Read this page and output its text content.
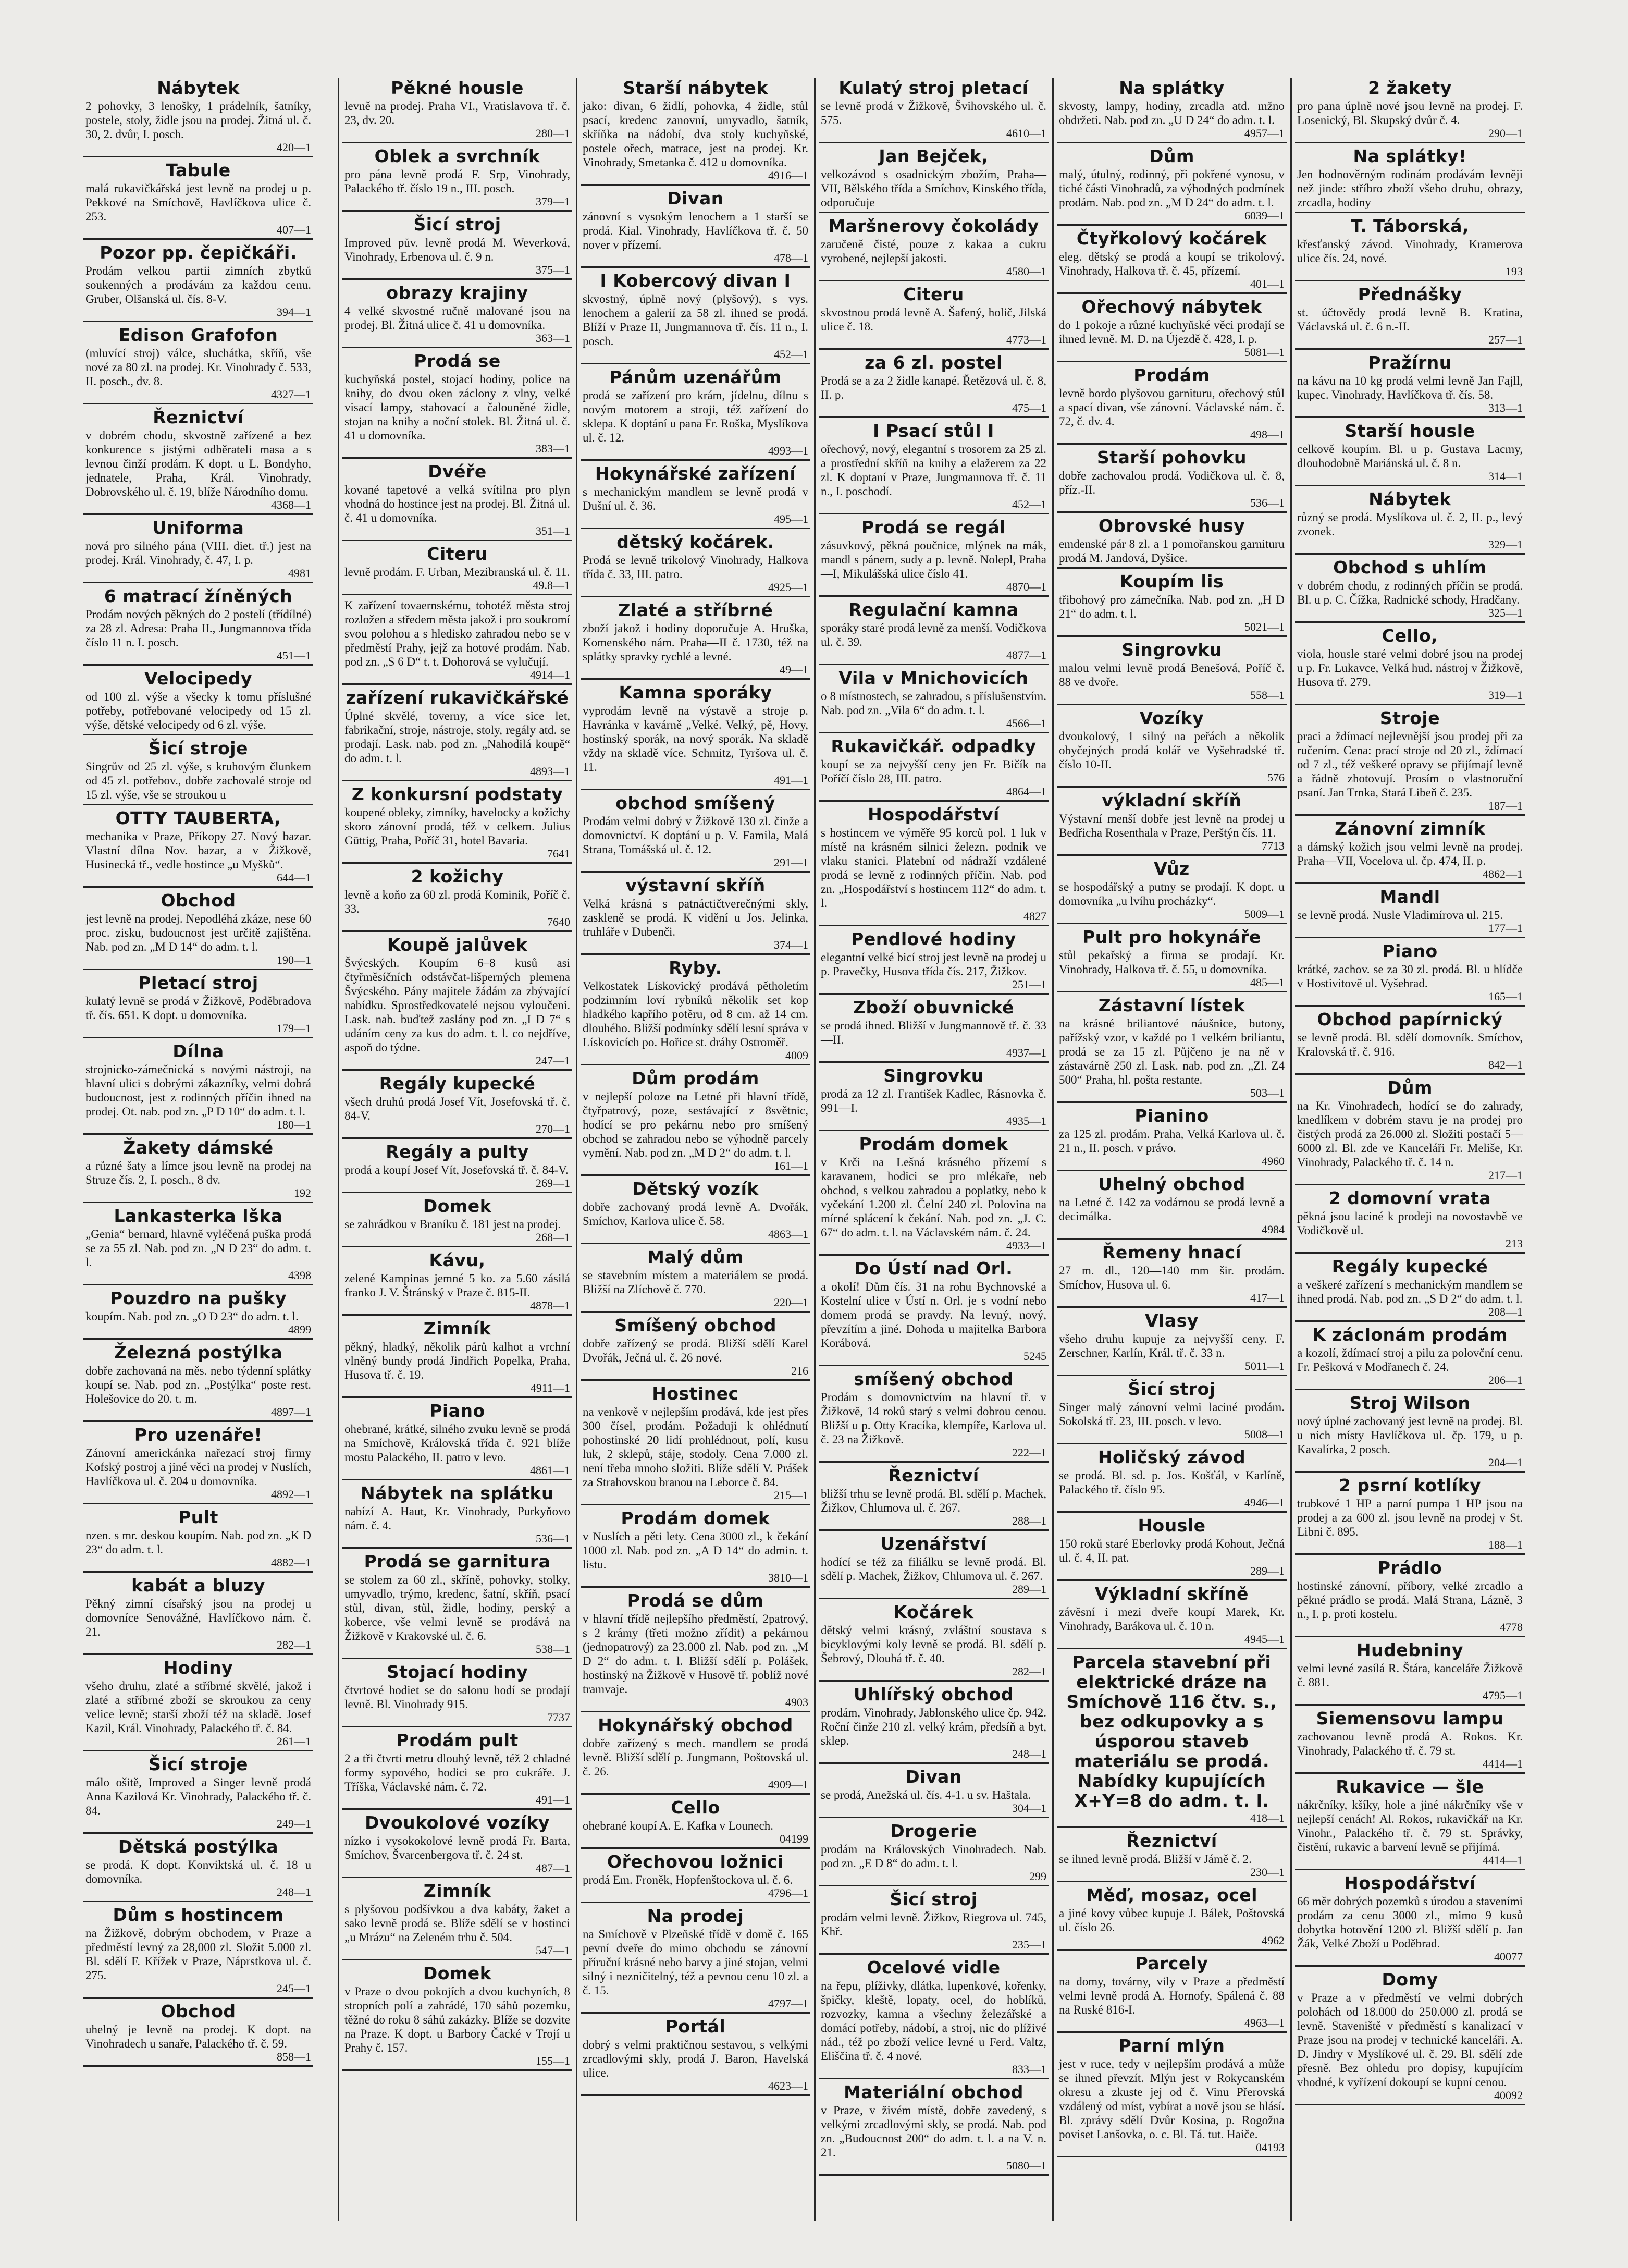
Nábytek

2 pohovky, 3 lenošky, 1 prádelník, šatníky, postele, stoly, židle jsou na prodej. Žitná ul. č. 30, 2. dvůr, I. posch.

420—1
Tabule

malá rukavičkářská jest levně na prodej u p. Pekkové na Smíchově, Havlíčkova ulice č. 253.

407—1
Pozor pp. čepičkáři.

Prodám velkou partii zimních zbytků soukenných a prodávám za každou cenu. Gruber, Olšanská ul. čís. 8-V.

394—1
Edison Grafofon

(mluvící stroj) válce, sluchátka, skříň, vše nové za 80 zl. na prodej. Kr. Vinohrady č. 533, II. posch., dv. 8.

4327—1
Řeznictví

v dobrém chodu, skvostně zařízené a bez konkurence s jistými odběrateli masa a s levnou činží prodám. K dopt. u L. Bondyho, jednatele, Praha, Král. Vinohrady, Dobrovského ul. č. 19, blíže Národního domu.

4368—1
Uniforma

nová pro silného pána (VIII. diet. tř.) jest na prodej. Král. Vinohrady, č. 47, I. p.

4981
6 matrací žíněných

Prodám nových pěkných do 2 postelí (třídílné) za 28 zl. Adresa: Praha II., Jungmannova třída číslo 11 n. I. posch.

451—1
Velocipedy

od 100 zl. výše a všecky k tomu příslušné potřeby, potřebované velocipedy od 15 zl. výše, dětské velocipedy od 6 zl. výše.

Šicí stroje

Singrův od 25 zl. výše, s kruhovým člunkem od 45 zl. potřebov., dobře zachovalé stroje od 15 zl. výše, vše se stroukou u

OTTY TAUBERTA,

mechanika v Praze, Příkopy 27. Nový bazar. Vlastní dílna Nov. bazar, a v Žižkově, Husinecká tř., vedle hostince „u Myšků“.

644—1
Obchod

jest levně na prodej. Nepodléhá zkáze, nese 60 proc. zisku, budoucnost jest určitě zajištěna. Nab. pod zn. „M D 14“ do adm. t. l.

190—1
Pletací stroj

kulatý levně se prodá v Žižkově, Poděbradova tř. čís. 651. K dopt. u domovníka.

179—1
Dílna

strojnicko-zámečnická s novými nástroji, na hlavní ulici s dobrými zákazníky, velmi dobrá budoucnost, jest z rodinných příčin ihned na prodej. Ot. nab. pod zn. „P D 10“ do adm. t. l.

180—1
Žakety dámské

a různé šaty a límce jsou levně na prodej na Struze čís. 2, I. posch., 8 dv.

192
Lankasterka lška

„Genia“ bernard, hlavně vyléčená puška prodá se za 55 zl. Nab. pod zn. „N D 23“ do adm. t. l.

4398
Pouzdro na pušky

koupím. Nab. pod zn. „O D 23“ do adm. t. l.

4899
Železná postýlka

dobře zachovaná na měs. nebo týdenní splátky koupí se. Nab. pod zn. „Postýlka“ poste rest. Holešovice do 20. t. m.

4897—1
Pro uzenáře!

Zánovní americkánka nařezací stroj firmy Kofský postroj a jiné věci na prodej v Nuslích, Havlíčkova ul. č. 204 u domovníka.

4892—1
Pult

nzen. s mr. deskou koupím. Nab. pod zn. „K D 23“ do adm. t. l.

4882—1
kabát a bluzy

Pěkný zimní císařský jsou na prodej u domovníce Senovážné, Havlíčkovo nám. č. 21.

282—1
Hodiny

všeho druhu, zlaté a stříbrné skvělé, jakož i zlaté a stříbrné zboží se skroukou za ceny velice levně; starší zboží též na skladě. Josef Kazil, Král. Vinohrady, Palackého tř. č. 84.

261—1
Šicí stroje

málo ošitě, Improved a Singer levně prodá Anna Kazilová Kr. Vinohrady, Palackého tř. č. 84.

249—1
Dětská postýlka

se prodá. K dopt. Konviktská ul. č. 18 u domovníka.

248—1
Dům s hostincem

na Žižkově, dobrým obchodem, v Praze a předměstí levný za 28,000 zl. Složit 5.000 zl. Bl. sdělí F. Křížek v Praze, Náprstkova ul. č. 275.

245—1
Obchod

uhelný je levně na prodej. K dopt. na Vinohradech u sanaře, Palackého tř. č. 59.

858—1
Pěkné housle

levně na prodej. Praha VI., Vratislavova tř. č. 23, dv. 20.

280—1
Oblek a svrchník

pro pána levně prodá F. Srp, Vinohrady, Palackého tř. číslo 19 n., III. posch.

379—1
Šicí stroj

Improved pův. levně prodá M. Weverková, Vinohrady, Erbenova ul. č. 9 n.

375—1
obrazy krajiny

4 velké skvostné ručně malované jsou na prodej. Bl. Žitná ulice č. 41 u domovníka.

363—1
Prodá se

kuchyňská postel, stojací hodiny, police na knihy, do dvou oken záclony z vlny, velké visací lampy, stahovací a čalouněné židle, stojan na knihy a noční stolek. Bl. Žitná ul. č. 41 u domovníka.

383—1
Dvéře

kované tapetové a velká svítilna pro plyn vhodná do hostince jest na prodej. Bl. Žitná ul. č. 41 u domovníka.

351—1
Citeru

levně prodám. F. Urban, Mezibranská ul. č. 11.

49.8—1

K zařízení tovaernskému, tohotéž města stroj rozložen a středem města jakož i pro soukromí svou polohou a s hledisko zahradou nebo se v předměstí Prahy, jejž za hotové prodám. Nab. pod zn. „S 6 D“ t. t. Dohorová se vylučují.

4914—1
zařízení rukavičkářské

Úplné skvělé, toverny, a více sice let, fabrikační, stroje, nástroje, stoly, regály atd. se prodají. Lask. nab. pod zn. „Nahodilá koupě“ do adm. t. l.

4893—1
Z konkursní podstaty

koupené obleky, zimníky, havelocky a kožichy skoro zánovní prodá, též v celkem. Julius Güttig, Praha, Poříč 31, hotel Bavaria.

7641
2 kožichy

levně a koňo za 60 zl. prodá Kominik, Poříč č. 33.

7640
Koupě jalůvek

Švýcských. Koupím 6–8 kusů asi čtyřměsíčních odstávčat-lišperných plemena Švýcského. Pány majitele žádám za zbývající nabídku. Sprostředkovatelé nejsou vyloučeni. Lask. nab. buďtež zaslány pod zn. „I D 7“ s udáním ceny za kus do adm. t. l. co nejdříve, aspoň do týdne.

247—1
Regály kupecké

všech druhů prodá Josef Vít, Josefovská tř. č. 84-V.

270—1
Regály a pulty

prodá a koupí Josef Vít, Josefovská tř. č. 84-V.

269—1
Domek

se zahrádkou v Braníku č. 181 jest na prodej.

268—1
Kávu,

zelené Kampinas jemné 5 ko. za 5.60 zásilá franko J. V. Štránský v Praze č. 815-II.

4878—1
Zimník

pěkný, hladký, několik párů kalhot a vrchní vlněný bundy prodá Jindřich Popelka, Praha, Husova tř. č. 19.

4911—1
Piano

ohebrané, krátké, silného zvuku levně se prodá na Smíchově, Královská třída č. 921 blíže mostu Palackého, II. patro v levo.

4861—1
Nábytek na splátku

nabízí A. Haut, Kr. Vinohrady, Purkyňovo nám. č. 4.

536—1
Prodá se garnitura

se stolem za 60 zl., skříně, pohovky, stolky, umyvadlo, trýmo, kredenc, šatní, skříň, psací stůl, divan, stůl, židle, hodiny, perský a koberce, vše velmi levně se prodává na Žižkově v Krakovské ul. č. 6.

538—1
Stojací hodiny

čtvrtové hodiet se do salonu hodí se prodají levně. Bl. Vinohrady 915.

7737
Prodám pult

2 a tři čtvrti metru dlouhý levně, též 2 chladné formy sypového, hodici se pro cukráře. J. Tříška, Václavské nám. č. 72.

491—1
Dvoukolové vozíky

nízko i vysokokolové levně prodá Fr. Barta, Smíchov, Švarcenbergova tř. č. 24 st.

487—1
Zimník

s plyšovou podšívkou a dva kabáty, žaket a sako levně prodá se. Blíže sdělí se v hostinci „u Mrázu“ na Zeleném trhu č. 504.

547—1
Domek

v Praze o dvou pokojích a dvou kuchyních, 8 stropních polí a zahrádé, 170 sáhů pozemku, těžné do roku 8 sáhů zakázky. Blíže se dozvite na Praze. K dopt. u Barbory Čacké v Trojí u Prahy č. 157.

155—1
Starší nábytek

jako: divan, 6 židlí, pohovka, 4 židle, stůl psací, kredenc zanovní, umyvadlo, šatník, skříňka na nádobí, dva stoly kuchyňské, postele ořech, matrace, jest na prodej. Kr. Vinohrady, Smetanka č. 412 u domovníka.

4916—1
Divan

zánovní s vysokým lenochem a 1 starší se prodá. Kial. Vinohrady, Havlíčkova tř. č. 50 nover v přízemí.

478—1
I Kobercový divan I

skvostný, úplně nový (plyšový), s vys. lenochem a galerií za 58 zl. ihned se prodá. Blíží v Praze II, Jungmannova tř. čís. 11 n., I. posch.

452—1
Pánům uzenářům

prodá se zařízení pro krám, jídelnu, dílnu s novým motorem a stroji, též zařízení do sklepa. K doptání u pana Fr. Roška, Myslíkova ul. č. 12.

4993—1
Hokynářské zařízení

s mechanickým mandlem se levně prodá v Dušní ul. č. 36.

495—1
dětský kočárek.

Prodá se levně trikolový Vinohrady, Halkova třída č. 33, III. patro.

4925—1
Zlaté a stříbrné

zboží jakož i hodiny doporučuje A. Hruška, Komenského nám. Praha—II č. 1730, též na splátky spravky rychlé a levné.

49—1
Kamna sporáky

vyprodám levně na výstavě a stroje p. Havránka v kavárně „Velké. Velký, pě, Hovy, hostinský sporák, na nový sporák. Na skladě vždy na skladě více. Schmitz, Tyršova ul. č. 11.

491—1
obchod smíšený

Prodám velmi dobrý v Žižkově 130 zl. činže a domovnictví. K doptání u p. V. Famila, Malá Strana, Tomášská ul. č. 12.

291—1
výstavní skříň

Velká krásná s patnáctičtverečnými skly, zaskleně se prodá. K vidění u Jos. Jelinka, truhláře v Dubenči.

374—1
Ryby.

Velkostatek Lískovický prodává pětholetím podzimním loví rybníků několik set kop hladkého kapřího potěru, od 8 cm. až 14 cm. dlouhého. Bližší podmínky sdělí lesní správa v Lískovicích po. Hořice st. dráhy Ostroměř.

4009
Dům prodám

v nejlepší poloze na Letné při hlavní třídě, čtyřpatrový, poze, sestávající z 8světnic, hodící se pro pekárnu nebo pro smíšený obchod se zahradou nebo se výhodně parcely vymění. Nab. pod zn. „M D 2“ do adm. t. l.

161—1
Dětský vozík

dobře zachovaný prodá levně A. Dvořák, Smíchov, Karlova ulice č. 58.

4863—1
Malý dům

se stavebním místem a materiálem se prodá. Bližší na Zlíchově č. 770.

220—1
Smíšený obchod

dobře zařízený se prodá. Bližší sdělí Karel Dvořák, Ječná ul. č. 26 nové.

216
Hostinec

na venkově v nejlepším prodává, kde jest přes 300 čísel, prodám. Požaduji k ohlédnutí pohostinské 20 lidí prohlédnout, polí, kusu luk, 2 sklepů, stáje, stodoly. Cena 7.000 zl. není třeba mnoho složiti. Blíže sdělí V. Prášek za Strahovskou branou na Leborce č. 84.

215—1
Prodám domek

v Nuslích a pěti lety. Cena 3000 zl., k čekání 1000 zl. Nab. pod zn. „A D 14“ do admin. t. listu.

3810—1
Prodá se dům

v hlavní třídě nejlepšího předměstí, 2patrový, s 2 krámy (třeti možno zřídit) a pekárnou (jednopatrový) za 23.000 zl. Nab. pod zn. „M D 2“ do adm. t. l. Bližší sdělí p. Polášek, hostinský na Žižkově v Husově tř. poblíž nové tramvaje.

4903
Hokynářský obchod

dobře zařízený s mech. mandlem se prodá levně. Bližší sdělí p. Jungmann, Poštovská ul. č. 26.

4909—1
Cello

ohebrané koupí A. E. Kafka v Lounech.

04199
Ořechovou ložnici

prodá Em. Froněk, Hopfenštockova ul. č. 6.

4796—1
Na prodej

na Smíchově v Plzeňské třídě v domě č. 165 pevní dveře do mimo obchodu se zánovní příruční krásné nebo barvy a jiné stojan, velmi silný i nezničitelný, též a pevnou cenu 10 zl. a č. 15.

4797—1
Portál

dobrý s velmi praktičnou sestavou, s velkými zrcadlovými skly, prodá J. Baron, Havelská ulice.

4623—1
Kulatý stroj pletací

se levně prodá v Žižkově, Švihovského ul. č. 575.

4610—1
Jan Bejček,

velkozávod s osadnickým zbožím, Praha—VII, Bělského třída a Smíchov, Kinského třída, odporučuje

Maršnerovy čokolády

zaručeně čisté, pouze z kakaa a cukru vyrobené, nejlepší jakosti.

4580—1
Citeru

skvostnou prodá levně A. Šafený, holič, Jilská ulice č. 18.

4773—1
za 6 zl. postel

Prodá se a za 2 židle kanapé. Řetězová ul. č. 8, II. p.

475—1
I Psací stůl I

ořechový, nový, elegantní s trosorem za 25 zl. a prostřední skříň na knihy a elažerem za 22 zl. K doptaní v Praze, Jungmannova tř. č. 11 n., I. poschodí.

452—1
Prodá se regál

zásuvkový, pěkná poučnice, mlýnek na mák, mandl s pánem, sudy a p. levně. Nolepl, Praha—I, Mikulášská ulice číslo 41.

4870—1
Regulační kamna

sporáky staré prodá levně za menší. Vodičkova ul. č. 39.

4877—1
Vila v Mnichovicích

o 8 místnostech, se zahradou, s příslušenstvím. Nab. pod zn. „Vila 6“ do adm. t. l.

4566—1
Rukavičkář. odpadky

koupí se za nejvyšší ceny jen Fr. Bičík na Poříčí číslo 28, III. patro.

4864—1
Hospodářství

s hostincem ve výměře 95 korců pol. 1 luk v místě na krásném silnici železn. podnik ve vlaku stanici. Platební od nádraží vzdálené prodá se levně z rodinných příčin. Nab. pod zn. „Hospodářství s hostincem 112“ do adm. t. l.

4827
Pendlové hodiny

elegantní velké bicí stroj jest levně na prodej u p. Pravečky, Husova třída čís. 217, Žižkov.

251—1
Zboží obuvnické

se prodá ihned. Bližší v Jungmannově tř. č. 33—II.

4937—1
Singrovku

prodá za 12 zl. František Kadlec, Rásnovka č. 991—I.

4935—1
Prodám domek

v Krči na Lešná krásného přízemí s karavanem, hodici se pro mlékaře, neb obchod, s velkou zahradou a poplatky, nebo k vyčekání 1.200 zl. Čelní 240 zl. Polovina na mírné splácení k čekání. Nab. pod zn. „J. C. 67“ do adm. t. l. na Václavském nám. č. 24.

4933—1
Do Ústí nad Orl.

a okolí! Dům čís. 31 na rohu Bychnovské a Kostelní ulice v Ústí n. Orl. je s vodní nebo domem prodá se pravdy. Na levný, nový, převzítím a jiné. Dohoda u majitelka Barbora Korábová.

5245
smíšený obchod

Prodám s domovnictvím na hlavní tř. v Žižkově, 14 roků starý s velmi dobrou cenou. Bližší u p. Otty Kracíka, klempíře, Karlova ul. č. 23 na Žižkově.

222—1
Řeznictví

bližší trhu se levně prodá. Bl. sdělí p. Machek, Žižkov, Chlumova ul. č. 267.

288—1
Uzenářství

hodící se též za filiálku se levně prodá. Bl. sdělí p. Machek, Žižkov, Chlumova ul. č. 267.

289—1
Kočárek

dětský velmi krásný, zvláštní soustava s bicyklovými koly levně se prodá. Bl. sdělí p. Šebrový, Dlouhá tř. č. 40.

282—1
Uhlířský obchod

prodám, Vinohrady, Jablonského ulice čp. 942. Roční činže 210 zl. velký krám, předsíň a byt, sklep.

248—1
Divan

se prodá, Anežská ul. čís. 4-1. u sv. Haštala.

304—1
Drogerie

prodám na Královských Vinohradech. Nab. pod zn. „E D 8“ do adm. t. l.

299
Šicí stroj

prodám velmi levně. Žižkov, Riegrova ul. 745, Khř.

235—1
Ocelové vidle

na řepu, plíživky, dlátka, lupenkové, kořenky, špičky, kleště, lopaty, ocel, do hoblíků, rozvozky, kamna a všechny železářské a domácí potřeby, nádobí, a stroj, nic do plíživé nád., též po zboží velice levné u Ferd. Valtz, Eliščina tř. č. 4 nové.

833—1
Materiální obchod

v Praze, v živém místě, dobře zavedený, s velkými zrcadlovými skly, se prodá. Nab. pod zn. „Budoucnost 200“ do adm. t. l. a na V. n. 21.

5080—1
Na splátky

skvosty, lampy, hodiny, zrcadla atd. mžno obdržeti. Nab. pod zn. „U D 24“ do adm. t. l.

4957—1
Dům

malý, útulný, rodinný, při pokřené vynosu, v tiché části Vinohradů, za výhodných podmínek prodám. Nab. pod zn. „M D 24“ do adm. t. l.

6039—1
Čtyřkolový kočárek

eleg. dětský se prodá a koupí se trikolový. Vinohrady, Halkova tř. č. 45, přízemí.

401—1
Ořechový nábytek

do 1 pokoje a různé kuchyňské věci prodají se ihned levně. M. D. na Újezdě č. 428, I. p.

5081—1
Prodám

levně bordo plyšovou garnituru, ořechový stůl a spací divan, vše zánovní. Václavské nám. č. 72, č. dv. 4.

498—1
Starší pohovku

dobře zachovalou prodá. Vodičkova ul. č. 8, příz.-II.

536—1
Obrovské husy

emdenské pár 8 zl. a 1 pomořanskou garnituru prodá M. Jandová, Dyšice.

Koupím lis

třibohový pro zámečníka. Nab. pod zn. „H D 21“ do adm. t. l.

5021—1
Singrovku

malou velmi levně prodá Benešová, Poříč č. 88 ve dvoře.

558—1
Vozíky

dvoukolový, 1 silný na peřách a několik obyčejných prodá kolář ve Vyšehradské tř. číslo 10-II.

576
výkladní skříň

Výstavní menší dobře jest levně na prodej u Bedřicha Rosenthala v Praze, Perštýn čís. 11.

7713
Vůz

se hospodářský a putny se prodají. K dopt. u domovníka „u lvíhu procházky“.

5009—1
Pult pro hokynáře

stůl pekařský a firma se prodají. Kr. Vinohrady, Halkova tř. č. 55, u domovníka.

485—1
Zástavní lístek

na krásné briliantové náušnice, butony, pařížský vzor, v každé po 1 velkém briliantu, prodá se za 15 zl. Půjčeno je na ně v zástavárně 250 zl. Lask. nab. pod zn. „Zl. Z4 500“ Praha, hl. pošta restante.

503—1
Pianino

za 125 zl. prodám. Praha, Velká Karlova ul. č. 21 n., II. posch. v právo.

4960
Uhelný obchod

na Letné č. 142 za vodárnou se prodá levně a decimálka.

4984
Řemeny hnací

27 m. dl., 120—140 mm šir. prodám. Smíchov, Husova ul. 6.

417—1
Vlasy

všeho druhu kupuje za nejvyšší ceny. F. Zerschner, Karlín, Král. tř. č. 33 n.

5011—1
Šicí stroj

Singer malý zánovní velmi laciné prodám. Sokolská tř. 23, III. posch. v levo.

5008—1
Holičský závod

se prodá. Bl. sd. p. Jos. Košťál, v Karlíně, Palackého tř. číslo 95.

4946—1
Housle

150 roků staré Eberlovky prodá Kohout, Ječná ul. č. 4, II. pat.

289—1
Výkladní skříně

závěsní i mezi dveře koupí Marek, Kr. Vinohrady, Barákova ul. č. 10 n.

4945—1
Parcela stavební při elektrické dráze na Smíchově 116 čtv. s., bez odkupovky a s úsporou staveb materiálu se prodá. Nabídky kupujících X+Y=8 do adm. t. l.

418—1
Řeznictví

se ihned levně prodá. Bližší v Jámě č. 2.

230—1
Měď, mosaz, ocel

a jiné kovy vůbec kupuje J. Bálek, Poštovská ul. číslo 26.

4962
Parcely

na domy, továrny, vily v Praze a předměstí velmi levně prodá A. Hornofy, Spálená č. 88 na Ruské 816-I.

4963—1
Parní mlýn

jest v ruce, tedy v nejlepším prodává a může se ihned převzít. Mlýn jest v Rokycanském okresu a zkuste jej od č. Vinu Přerovská vzdálený od míst, vybírat a nově jsou se hlásí. Bl. zprávy sdělí Dvůr Kosina, p. Rogožna poviset Lanšovka, o. c. Bl. Tá. tut. Haiče.

04193
2 žakety

pro pana úplně nové jsou levně na prodej. F. Losenický, Bl. Skupský dvůr č. 4.

290—1
Na splátky!

Jen hodnověrným rodinám prodávám levněji než jinde: stříbro zboží všeho druhu, obrazy, zrcadla, hodiny

T. Táborská,

křesťanský závod. Vinohrady, Kramerova ulice čís. 24, nové.

193
Přednášky

st. účtovědy prodá levně B. Kratina, Václavská ul. č. 6 n.-II.

257—1
Pražírnu

na kávu na 10 kg prodá velmi levně Jan Fajll, kupec. Vinohrady, Havlíčkova tř. čís. 58.

313—1
Starší housle

celkově koupím. Bl. u p. Gustava Lacmy, dlouhodobně Mariánská ul. č. 8 n.

314—1
Nábytek

různý se prodá. Myslíkova ul. č. 2, II. p., levý zvonek.

329—1
Obchod s uhlím

v dobrém chodu, z rodinných příčin se prodá. Bl. u p. C. Čížka, Radnické schody, Hradčany.

325—1
Cello,

viola, housle staré velmi dobré jsou na prodej u p. Fr. Lukavce, Velká hud. nástroj v Žižkově, Husova tř. 279.

319—1
Stroje

praci a ždímací nejlevnější jsou prodej při za ručením. Cena: prací stroje od 20 zl., ždímací od 7 zl., též veškeré opravy se přijímají levně a řádně zhotovují. Prosím o vlastnoruční psaní. Jan Trnka, Stará Libeň č. 235.

187—1
Zánovní zimník

a dámský kožich jsou velmi levně na prodej. Praha—VII, Vocelova ul. čp. 474, II. p.

4862—1
Mandl

se levně prodá. Nusle Vladimírova ul. 215.

177—1
Piano

krátké, zachov. se za 30 zl. prodá. Bl. u hlídče v Hostivitově ul. Vyšehrad.

165—1
Obchod papírnický

se levně prodá. Bl. sdělí domovník. Smíchov, Kralovská tř. č. 916.

842—1
Dům

na Kr. Vinohradech, hodící se do zahrady, knedlíkem v dobrém stavu je na prodej pro čistých prodá za 26.000 zl. Složiti postačí 5—6000 zl. Bl. zde ve Kanceláři Fr. Meliše, Kr. Vinohrady, Palackého tř. č. 14 n.

217—1
2 domovní vrata

pěkná jsou laciné k prodeji na novostavbě ve Vodičkově ul.

213
Regály kupecké

a veškeré zařízení s mechanickým mandlem se ihned prodá. Nab. pod zn. „S D 2“ do adm. t. l.

208—1
K záclonám prodám

a kozolí, ždímací stroj a pilu za polovční cenu. Fr. Pešková v Modřanech č. 24.

206—1
Stroj Wilson

nový úplné zachovaný jest levně na prodej. Bl. u nich místy Havlíčkova ul. čp. 179, u p. Kavalírka, 2 posch.

204—1
2 psrní kotlíky

trubkové 1 HP a parní pumpa 1 HP jsou na prodej a za 600 zl. jsou levně na prodej v St. Libni č. 895.

188—1
Prádlo

hostinské zánovní, příbory, velké zrcadlo a pěkné prádlo se prodá. Malá Strana, Lázně, 3 n., I. p. proti kostelu.

4778
Hudebniny

velmi levné zasílá R. Štára, kanceláře Žižkově č. 881.

4795—1
Siemensovu lampu

zachovanou levně prodá A. Rokos. Kr. Vinohrady, Palackého tř. č. 79 st.

4414—1
Rukavice — šle

nákrčníky, kšíky, hole a jiné nákrčníky vše v nejlepší cenách! Al. Rokos, rukavičkář na Kr. Vinohr., Palackého tř. č. 79 st. Správky, čistění, rukavic a barvení levně se přijímá.

4414—1
Hospodářství

66 měr dobrých pozemků s úrodou a staveními prodám za cenu 3000 zl., mimo 9 kusů dobytka hotovění 1200 zl. Bližší sdělí p. Jan Žák, Velké Zboží u Poděbrad.

40077
Domy

v Praze a v předměstí ve velmi dobrých polohách od 18.000 do 250.000 zl. prodá se levně. Staveniště v předměstí s kanalizací v Praze jsou na prodej v technické kanceláři. A. D. Jindry v Myslíkové ul. č. 29. Bl. sdělí zde přesně. Bez ohledu pro dopisy, kupujícím vhodné, k vyřízení dokoupí se kupní cenou.

40092
